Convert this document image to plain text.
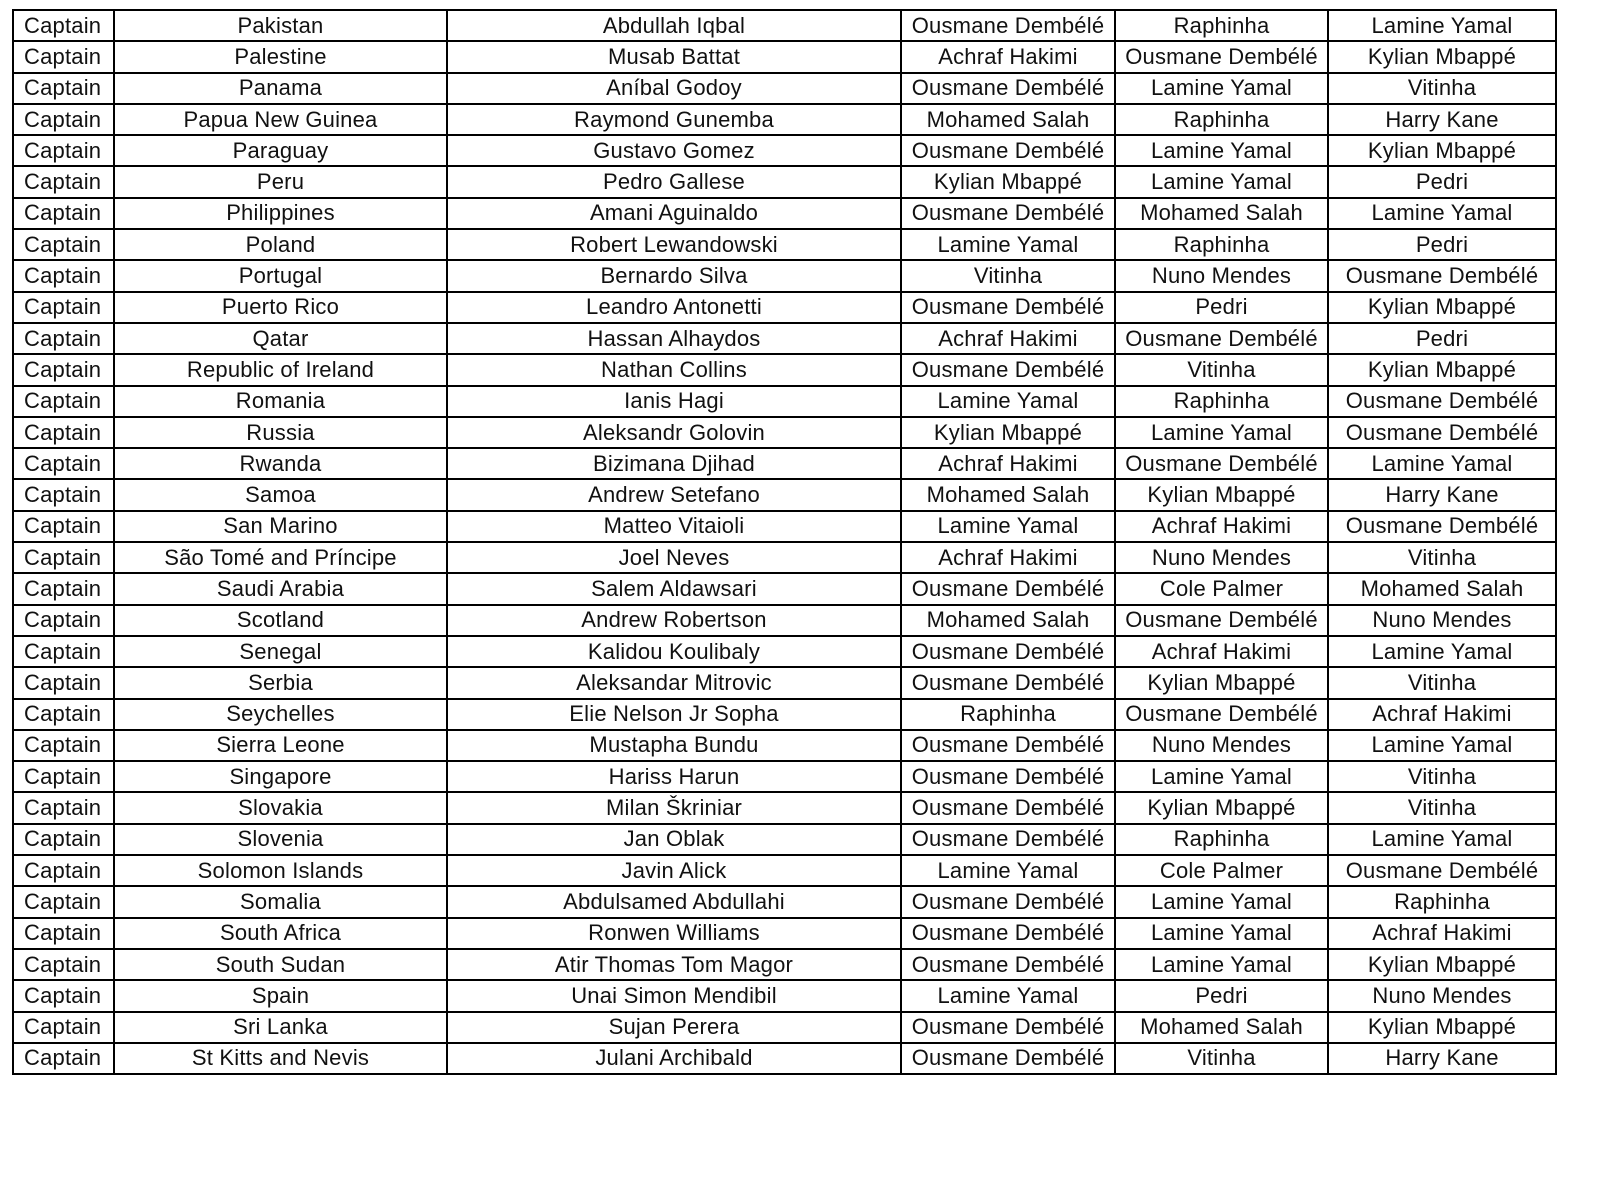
Captain	Pakistan	Abdullah Iqbal	Ousmane Dembélé	Raphinha	Lamine Yamal
Captain	Palestine	Musab Battat	Achraf Hakimi	Ousmane Dembélé	Kylian Mbappé
Captain	Panama	Aníbal Godoy	Ousmane Dembélé	Lamine Yamal	Vitinha
Captain	Papua New Guinea	Raymond Gunemba	Mohamed Salah	Raphinha	Harry Kane
Captain	Paraguay	Gustavo Gomez	Ousmane Dembélé	Lamine Yamal	Kylian Mbappé
Captain	Peru	Pedro Gallese	Kylian Mbappé	Lamine Yamal	Pedri
Captain	Philippines	Amani Aguinaldo	Ousmane Dembélé	Mohamed Salah	Lamine Yamal
Captain	Poland	Robert Lewandowski	Lamine Yamal	Raphinha	Pedri
Captain	Portugal	Bernardo Silva	Vitinha	Nuno Mendes	Ousmane Dembélé
Captain	Puerto Rico	Leandro Antonetti	Ousmane Dembélé	Pedri	Kylian Mbappé
Captain	Qatar	Hassan Alhaydos	Achraf Hakimi	Ousmane Dembélé	Pedri
Captain	Republic of Ireland	Nathan Collins	Ousmane Dembélé	Vitinha	Kylian Mbappé
Captain	Romania	Ianis Hagi	Lamine Yamal	Raphinha	Ousmane Dembélé
Captain	Russia	Aleksandr Golovin	Kylian Mbappé	Lamine Yamal	Ousmane Dembélé
Captain	Rwanda	Bizimana Djihad	Achraf Hakimi	Ousmane Dembélé	Lamine Yamal
Captain	Samoa	Andrew Setefano	Mohamed Salah	Kylian Mbappé	Harry Kane
Captain	San Marino	Matteo Vitaioli	Lamine Yamal	Achraf Hakimi	Ousmane Dembélé
Captain	São Tomé and Príncipe	Joel Neves	Achraf Hakimi	Nuno Mendes	Vitinha
Captain	Saudi Arabia	Salem Aldawsari	Ousmane Dembélé	Cole Palmer	Mohamed Salah
Captain	Scotland	Andrew Robertson	Mohamed Salah	Ousmane Dembélé	Nuno Mendes
Captain	Senegal	Kalidou Koulibaly	Ousmane Dembélé	Achraf Hakimi	Lamine Yamal
Captain	Serbia	Aleksandar Mitrovic	Ousmane Dembélé	Kylian Mbappé	Vitinha
Captain	Seychelles	Elie Nelson Jr Sopha	Raphinha	Ousmane Dembélé	Achraf Hakimi
Captain	Sierra Leone	Mustapha Bundu	Ousmane Dembélé	Nuno Mendes	Lamine Yamal
Captain	Singapore	Hariss Harun	Ousmane Dembélé	Lamine Yamal	Vitinha
Captain	Slovakia	Milan Škriniar	Ousmane Dembélé	Kylian Mbappé	Vitinha
Captain	Slovenia	Jan Oblak	Ousmane Dembélé	Raphinha	Lamine Yamal
Captain	Solomon Islands	Javin Alick	Lamine Yamal	Cole Palmer	Ousmane Dembélé
Captain	Somalia	Abdulsamed Abdullahi	Ousmane Dembélé	Lamine Yamal	Raphinha
Captain	South Africa	Ronwen Williams	Ousmane Dembélé	Lamine Yamal	Achraf Hakimi
Captain	South Sudan	Atir Thomas Tom Magor	Ousmane Dembélé	Lamine Yamal	Kylian Mbappé
Captain	Spain	Unai Simon Mendibil	Lamine Yamal	Pedri	Nuno Mendes
Captain	Sri Lanka	Sujan Perera	Ousmane Dembélé	Mohamed Salah	Kylian Mbappé
Captain	St Kitts and Nevis	Julani Archibald	Ousmane Dembélé	Vitinha	Harry Kane
